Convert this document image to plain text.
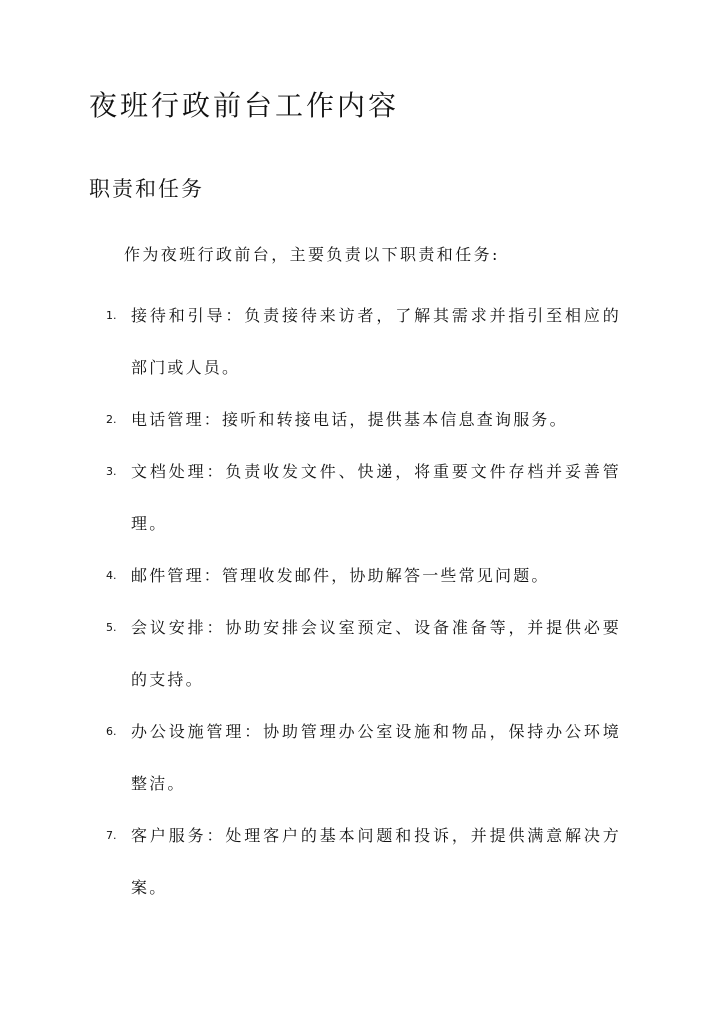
夜班行政前台工作内容
职责和任务

作为夜班行政前台，主要负责以下职责和任务:

1. 接待和引导：负责接待来访者，了解其需求并指引至相应的部门或人员。
2. 电话管理：接听和转接电话，提供基本信息查询服务。
3. 文档处理：负责收发文件、快递，将重要文件存档并妥善管理。
4. 邮件管理：管理收发邮件，协助解答一些常见问题。
5. 会议安排：协助安排会议室预定、设备准备等，并提供必要的支持。
6. 办公设施管理：协助管理办公室设施和物品，保持办公环境整洁。
7. 客户服务：处理客户的基本问题和投诉，并提供满意解决方案。
